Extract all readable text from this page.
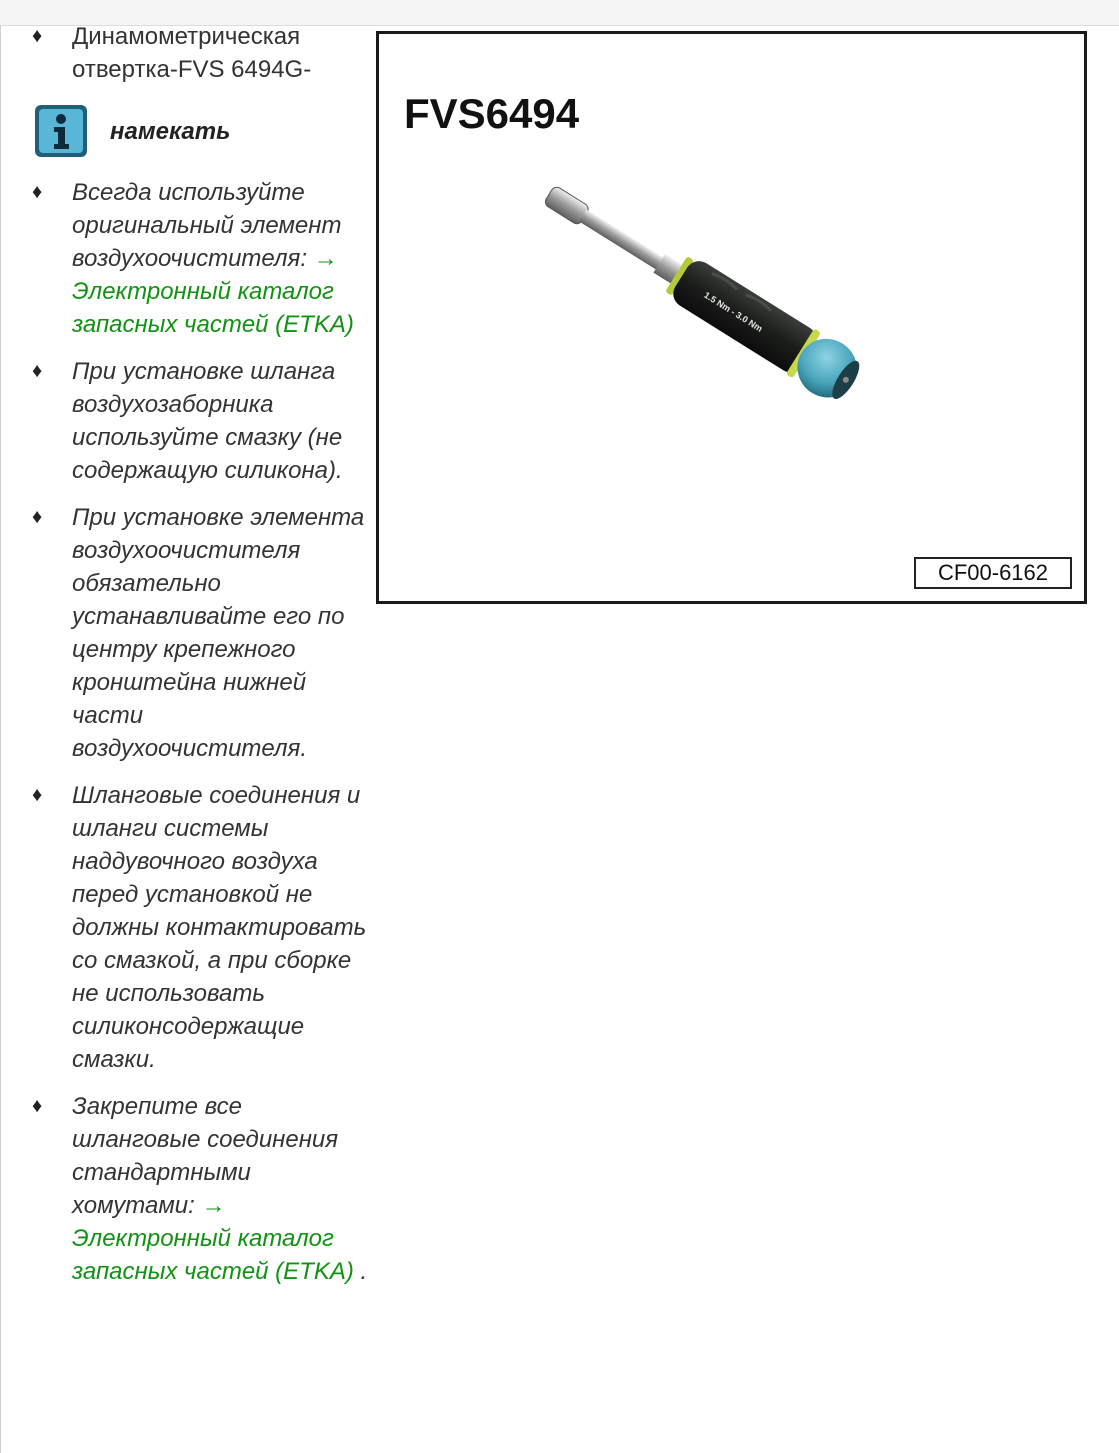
♦ Динамометрическая отвертка-FVS 6494G-
намекать
♦ Всегда используйте оригинальный элемент воздухоочистителя: → Электронный каталог запасных частей (ETKA)
♦ При установке шланга воздухозаборника используйте смазку (не содержащую силикона).
♦ При установке элемента воздухоочистителя обязательно устанавливайте его по центру крепежного кронштейна нижней части воздухоочистителя.
♦ Шланговые соединения и шланги системы наддувочного воздуха перед установкой не должны контактировать со смазкой, а при сборке не использовать силиконсодержащие смазки.
♦ Закрепите все шланговые соединения стандартными хомутами: → Электронный каталог запасных частей (ETKA) .
FVS6494
1.5 Nm - 3.0 Nm
CF00-6162
